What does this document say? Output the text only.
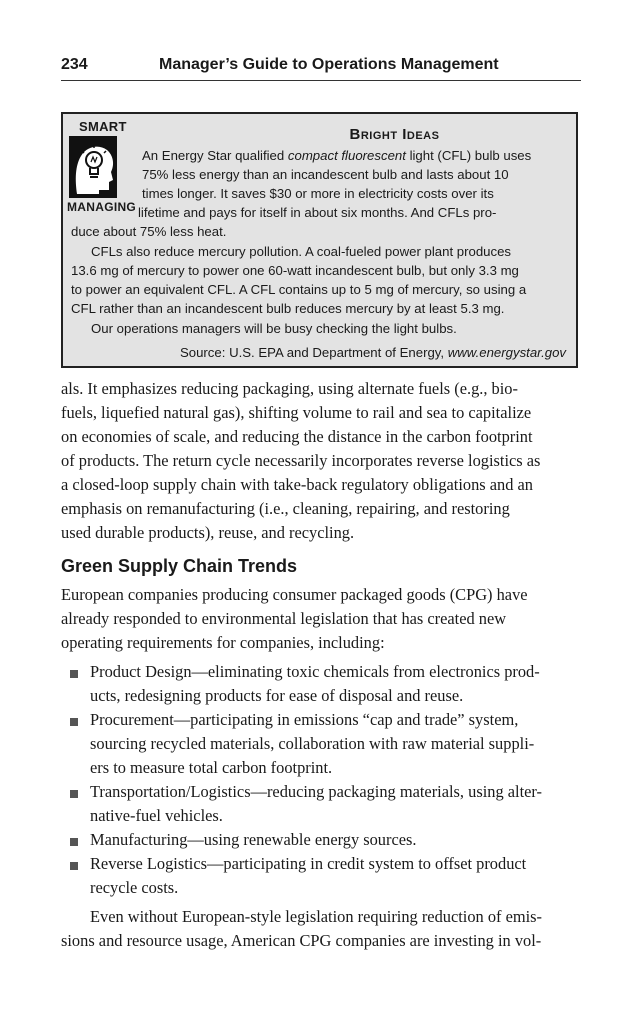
234	Manager’s Guide to Operations Management
SMART
MANAGING
Bright Ideas
An Energy Star qualified compact fluorescent light (CFL) bulb uses
75% less energy than an incandescent bulb and lasts about 10
times longer. It saves $30 or more in electricity costs over its
lifetime and pays for itself in about six months. And CFLs pro-
duce about 75% less heat.
CFLs also reduce mercury pollution. A coal-fueled power plant produces
13.6 mg of mercury to power one 60-watt incandescent bulb, but only 3.3 mg
to power an equivalent CFL. A CFL contains up to 5 mg of mercury, so using a
CFL rather than an incandescent bulb reduces mercury by at least 5.3 mg.
Our operations managers will be busy checking the light bulbs.
Source: U.S. EPA and Department of Energy, www.energystar.gov
als. It emphasizes reducing packaging, using alternate fuels (e.g., bio-
fuels, liquefied natural gas), shifting volume to rail and sea to capitalize
on economies of scale, and reducing the distance in the carbon footprint
of products. The return cycle necessarily incorporates reverse logistics as
a closed-loop supply chain with take-back regulatory obligations and an
emphasis on remanufacturing (i.e., cleaning, repairing, and restoring
used durable products), reuse, and recycling.
Green Supply Chain Trends
European companies producing consumer packaged goods (CPG) have
already responded to environmental legislation that has created new
operating requirements for companies, including:
Product Design—eliminating toxic chemicals from electronics prod-
ucts, redesigning products for ease of disposal and reuse.
Procurement—participating in emissions “cap and trade” system,
sourcing recycled materials, collaboration with raw material suppli-
ers to measure total carbon footprint.
Transportation/Logistics—reducing packaging materials, using alter-
native-fuel vehicles.
Manufacturing—using renewable energy sources.
Reverse Logistics—participating in credit system to offset product
recycle costs.
Even without European-style legislation requiring reduction of emis-
sions and resource usage, American CPG companies are investing in vol-
